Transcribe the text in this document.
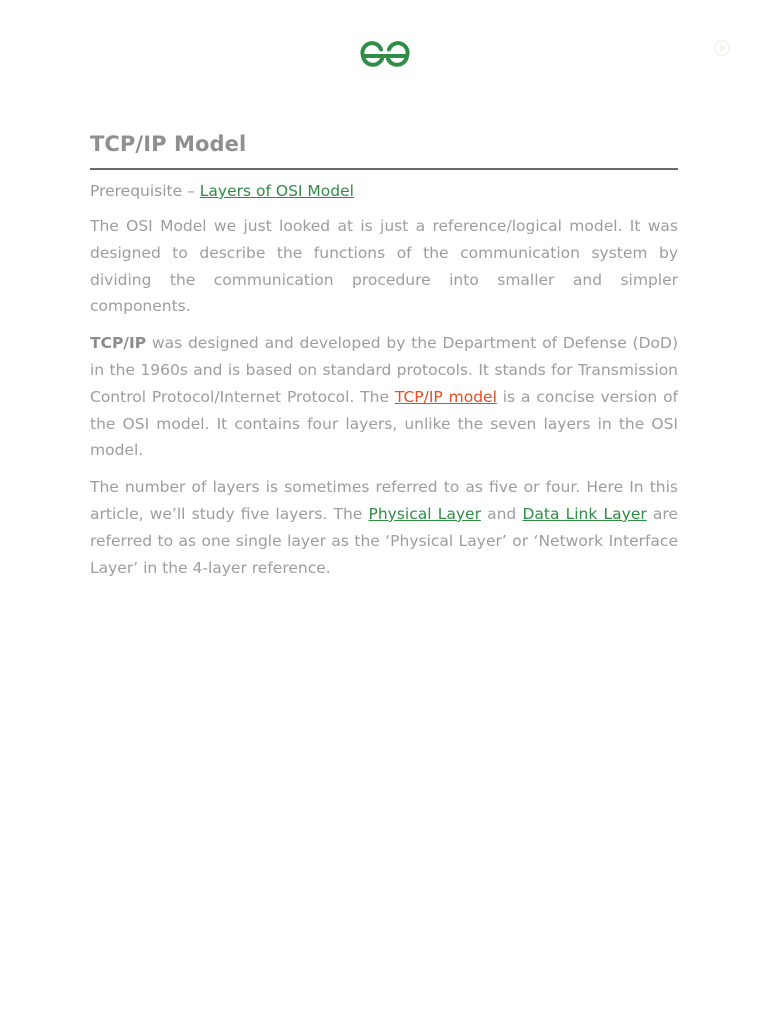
TCP/IP Model
Prerequisite – Layers of OSI Model

The OSI Model we just looked at is just a reference/logical model. It was designed to describe the functions of the communication system by dividing the communication procedure into smaller and simpler components.

TCP/IP was designed and developed by the Department of Defense (DoD) in the 1960s and is based on standard protocols. It stands for Transmission Control Protocol/Internet Protocol. The TCP/IP model is a concise version of the OSI model. It contains four layers, unlike the seven layers in the OSI model.

The number of layers is sometimes referred to as five or four. Here In this article, we’ll study five layers. The Physical Layer and Data Link Layer are referred to as one single layer as the ‘Physical Layer’ or ‘Network Interface Layer’ in the 4-layer reference.
